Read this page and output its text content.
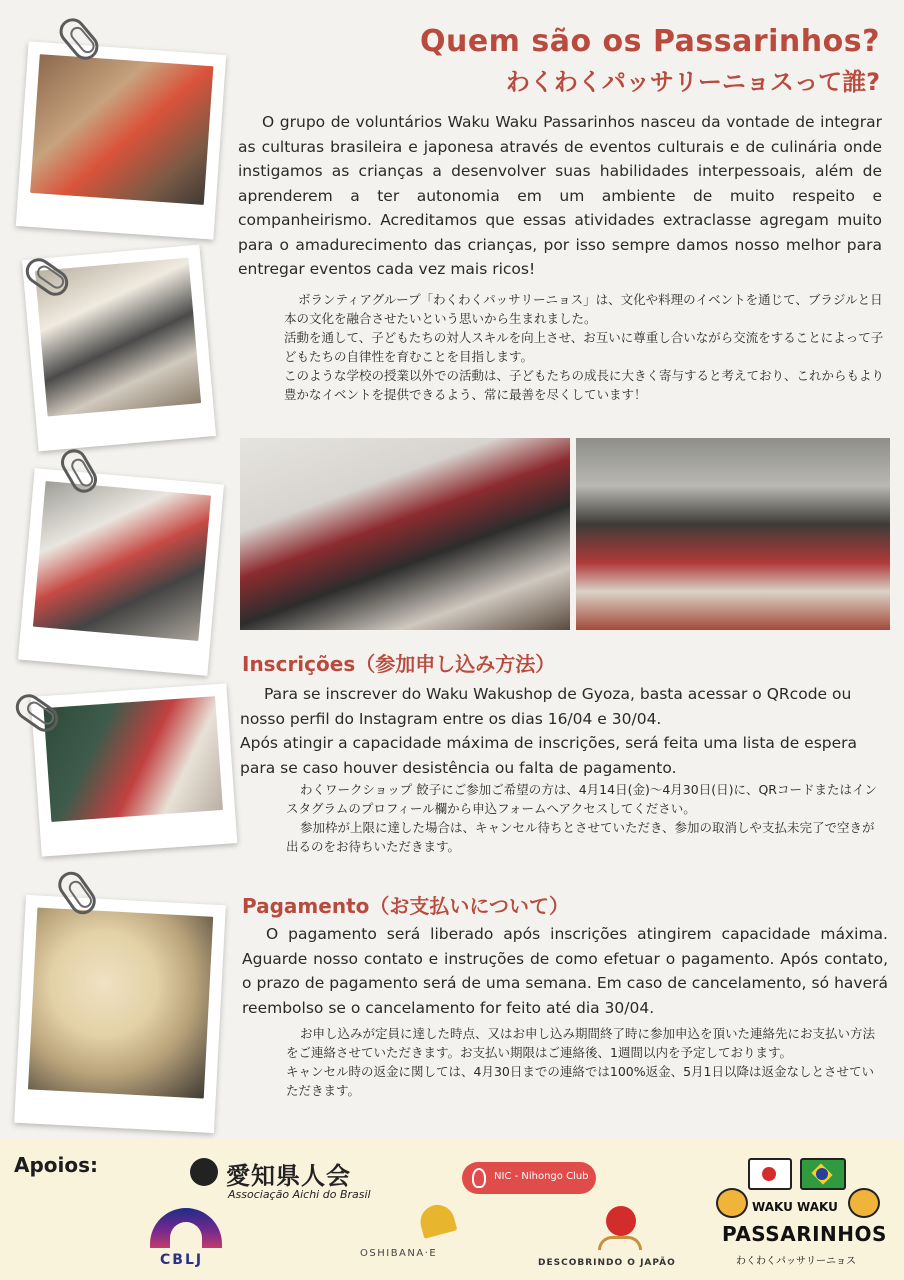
Quem são os Passarinhos?
わくわくパッサリーニョスって誰?

O grupo de voluntários Waku Waku Passarinhos nasceu da vontade de integrar as culturas brasileira e japonesa através de eventos culturais e de culinária onde instigamos as crianças a desenvolver suas habilidades interpessoais, além de aprenderem a ter autonomia em um ambiente de muito respeito e companheirismo. Acreditamos que essas atividades extraclasse agregam muito para o amadurecimento das crianças, por isso sempre damos nosso melhor para entregar eventos cada vez mais ricos!

ボランティアグループ「わくわくパッサリーニョス」は、文化や料理のイベントを通じて、ブラジルと日本の文化を融合させたいという思いから生まれました。

活動を通して、子どもたちの対人スキルを向上させ、お互いに尊重し合いながら交流をすることによって子どもたちの自律性を育むことを目指します。

このような学校の授業以外での活動は、子どもたちの成長に大きく寄与すると考えており、これからもより豊かなイベントを提供できるよう、常に最善を尽くしています！

Inscrições（参加申し込み方法）

Para se inscrever do Waku Wakushop de Gyoza, basta acessar o QRcode ou nosso perfil do Instagram entre os dias 16/04 e 30/04.

Após atingir a capacidade máxima de inscrições, será feita uma lista de espera para se caso houver desistência ou falta de pagamento.

わくワークショップ 餃子にご参加ご希望の方は、4月14日(金)〜4月30日(日)に、QRコードまたはインスタグラムのプロフィール欄から申込フォームへアクセスしてください。

参加枠が上限に達した場合は、キャンセル待ちとさせていただき、参加の取消しや支払未完了で空きが出るのをお待ちいただきます。

Pagamento（お支払いについて）

O pagamento será liberado após inscrições atingirem capacidade máxima. Aguarde nosso contato e instruções de como efetuar o pagamento. Após contato, o prazo de pagamento será de uma semana. Em caso de cancelamento, só haverá reembolso se o cancelamento for feito até dia 30/04.

お申し込みが定員に達した時点、又はお申し込み期間終了時に参加申込を頂いた連絡先にお支払い方法をご連絡させていただきます。お支払い期限はご連絡後、1週間以内を予定しております。

キャンセル時の返金に関しては、4月30日までの連絡では100%返金、5月1日以降は返金なしとさせていただきます。

Apoios:	愛知県人会
Associação Aichi do Brasil
NIC - Nihongo Club
CBLJ	OSHIBANA·E
DESCOBRINDO O JAPÃO
WAKU WAKU
PASSARINHOS
わくわくパッサリーニョス
